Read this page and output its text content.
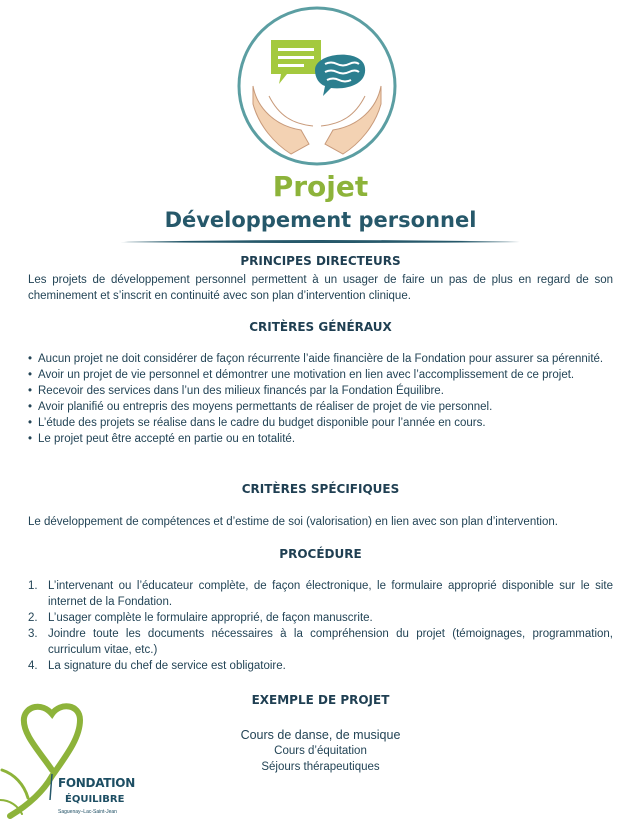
Projet
Développement personnel
PRINCIPES DIRECTEURS
Les projets de développement personnel permettent à un usager de faire un pas de plus en regard de son cheminement et s’inscrit en continuité avec son plan d’intervention clinique.
CRITÈRES GÉNÉRAUX
• Aucun projet ne doit considérer de façon récurrente l’aide financière de la Fondation pour assurer sa pérennité.
• Avoir un projet de vie personnel et démontrer une motivation en lien avec l’accomplissement de ce projet.
• Recevoir des services dans l’un des milieux financés par la Fondation Équilibre.
• Avoir planifié ou entrepris des moyens permettants de réaliser de projet de vie personnel.
• L’étude des projets se réalise dans le cadre du budget disponible pour l’année en cours.
• Le projet peut être accepté en partie ou en totalité.
CRITÈRES SPÉCIFIQUES
Le développement de compétences et d’estime de soi (valorisation) en lien avec son plan d’intervention.
PROCÉDURE
1. L’intervenant ou l’éducateur complète, de façon électronique, le formulaire approprié disponible sur le site internet de la Fondation.
2. L’usager complète le formulaire approprié, de façon manuscrite.
3. Joindre toute les documents nécessaires à la compréhension du projet (témoignages, programmation, curriculum vitae, etc.)
4. La signature du chef de service est obligatoire.
EXEMPLE DE PROJET
Cours de danse, de musique
Cours d’équitation
Séjours thérapeutiques
FONDATION
ÉQUILIBRE
Saguenay–Lac-Saint-Jean
